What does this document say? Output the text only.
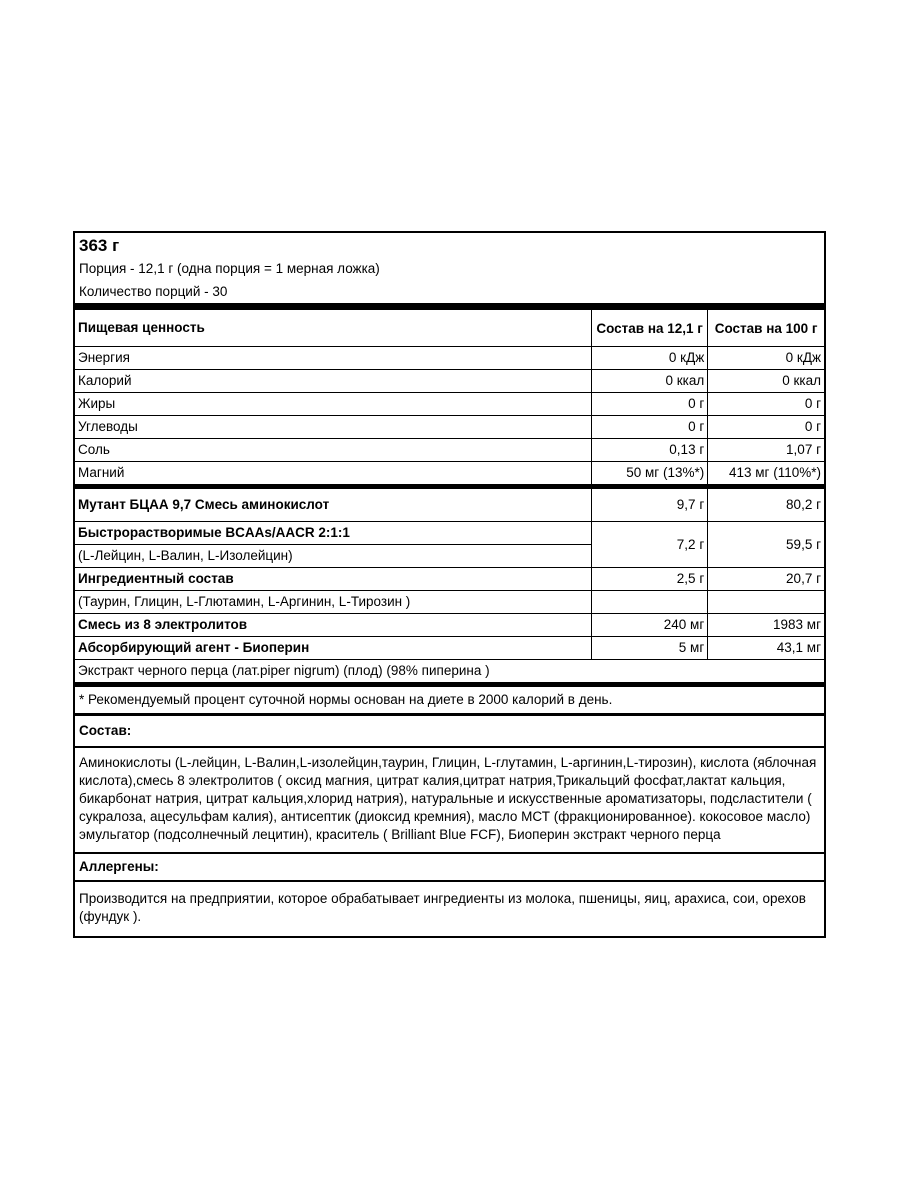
363 г
Порция - 12,1 г (одна порция = 1 мерная ложка)
Количество порций - 30
Пищевая ценность	Состав на 12,1 г	Состав на 100 г
Энергия	0 кДж	0 кДж
Калорий	0 ккал	0 ккал
Жиры	0 г	0 г
Углеводы	0 г	0 г
Соль	0,13 г	1,07 г
Магний	50 мг (13%*)	413 мг (110%*)
Мутант БЦАА 9,7 Смесь аминокислот	9,7 г	80,2 г
Быстрорастворимые BCAAs/AACR 2:1:1	7,2 г	59,5 г
(L-Лейцин, L-Валин, L-Изолейцин)		
Ингредиентный состав	2,5 г	20,7 г
(Таурин, Глицин, L-Глютамин, L-Аргинин, L-Тирозин )		
Смесь из 8 электролитов	240 мг	1983 мг
Абсорбирующий агент - Биоперин	5 мг	43,1 мг
Экстракт черного перца (лат.piper nigrum) (плод) (98% пиперина )		
* Рекомендуемый процент суточной нормы основан на диете в 2000 калорий в день.
Состав:
Аминокислоты (L-лейцин, L-Валин,L-изолейцин,таурин, Глицин, L-глутамин, L-аргинин,L-тирозин), кислота (яблочная кислота),смесь 8 электролитов ( оксид магния, цитрат калия,цитрат натрия,Трикальций фосфат,лактат кальция, бикарбонат натрия, цитрат кальция,хлорид натрия), натуральные и искусственные ароматизаторы, подсластители ( сукралоза, ацесульфам калия), антисептик (диоксид кремния), масло МСТ (фракционированное). кокосовое масло) эмульгатор (подсолнечный лецитин), краситель ( Brilliant Blue FCF), Биоперин экстракт черного перца
Аллергены:
Производится на предприятии, которое обрабатывает ингредиенты из молока, пшеницы, яиц, арахиса, сои, орехов (фундук ).
